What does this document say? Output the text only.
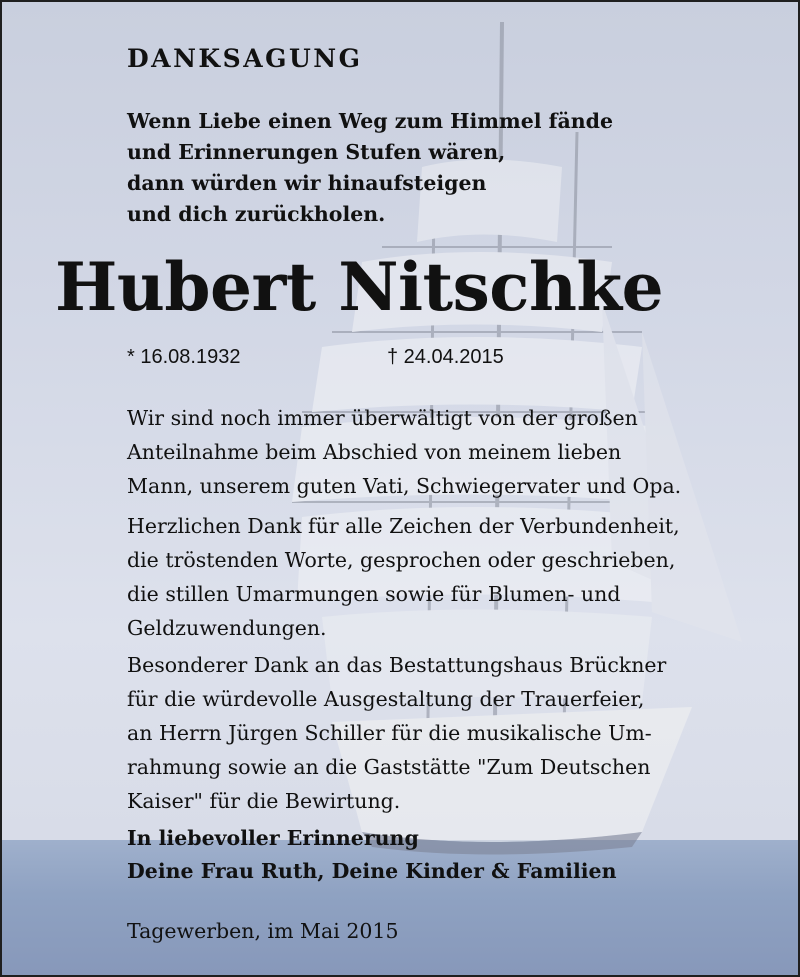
DANKSAGUNG
Wenn Liebe einen Weg zum Himmel fände
und Erinnerungen Stufen wären,
dann würden wir hinaufsteigen
und dich zurückholen.
Hubert Nitschke
* 16.08.1932	† 24.04.2015
Wir sind noch immer überwältigt von der großen
Anteilnahme beim Abschied von meinem lieben
Mann, unserem guten Vati, Schwiegervater und Opa.
Herzlichen Dank für alle Zeichen der Verbundenheit,
die tröstenden Worte, gesprochen oder geschrieben,
die stillen Umarmungen sowie für Blumen- und
Geldzuwendungen.
Besonderer Dank an das Bestattungshaus Brückner
für die würdevolle Ausgestaltung der Trauerfeier,
an Herrn Jürgen Schiller für die musikalische Um-
rahmung sowie an die Gaststätte "Zum Deutschen
Kaiser" für die Bewirtung.
In liebevoller Erinnerung
Deine Frau Ruth, Deine Kinder & Familien
Tagewerben, im Mai 2015
